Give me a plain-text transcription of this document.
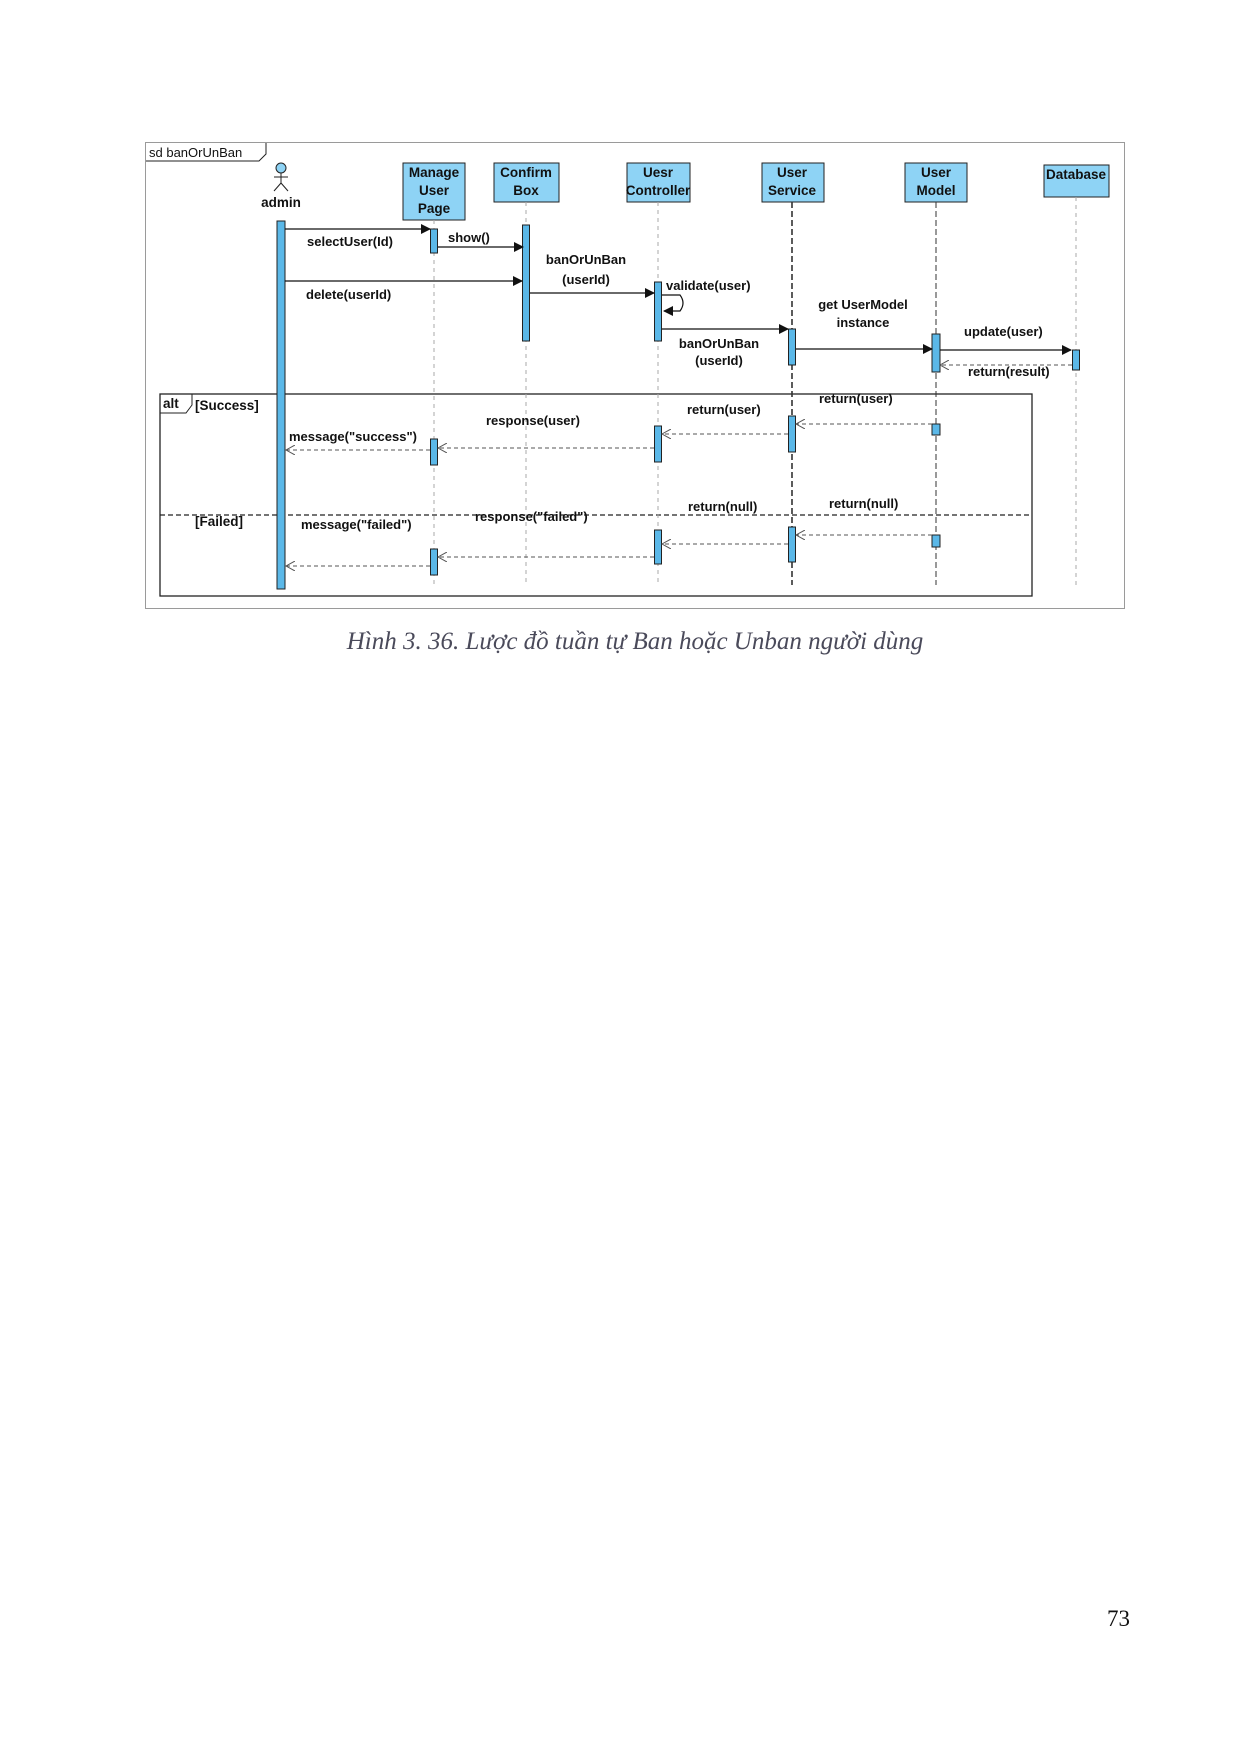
sd banOrUnBan
alt [Success]
[Failed]
admin
Manage
User
Page
Confirm
Box
Uesr
Controller
User
Service
User
Model
Database
selectUser(Id)	show()
delete(userId)
banOrUnBan
(userId)	validate(user)
banOrUnBan
(userId)
get UserModel
instance
update(user)
return(result)
return(user)
return(user)
response(user)
message("success")
return(null)
return(null)
response("failed")
message("failed")
Hình 3. 36. Lược đồ tuần tự Ban hoặc Unban người dùng
73
